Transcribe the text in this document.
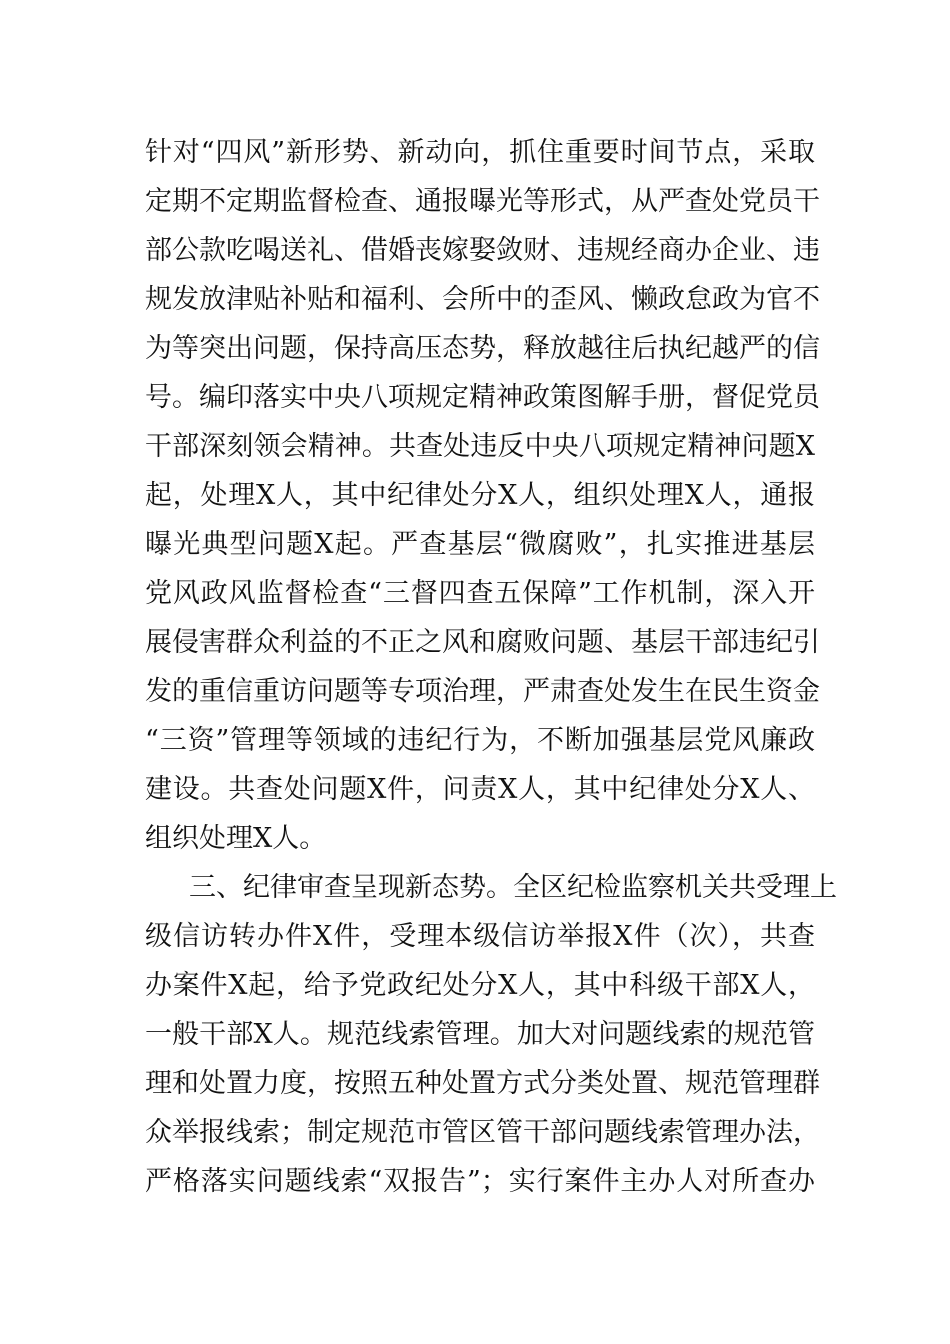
针对“四风”新形势、新动向，抓住重要时间节点，采取
定期不定期监督检查、通报曝光等形式，从严查处党员干
部公款吃喝送礼、借婚丧嫁娶敛财、违规经商办企业、违
规发放津贴补贴和福利、会所中的歪风、懒政怠政为官不
为等突出问题，保持高压态势，释放越往后执纪越严的信
号。编印落实中央八项规定精神政策图解手册，督促党员
干部深刻领会精神。共查处违反中央八项规定精神问题X
起，处理X人，其中纪律处分X人，组织处理X人，通报
曝光典型问题X起。严查基层“微腐败”，扎实推进基层
党风政风监督检查“三督四查五保障”工作机制，深入开
展侵害群众利益的不正之风和腐败问题、基层干部违纪引
发的重信重访问题等专项治理，严肃查处发生在民生资金
“三资”管理等领域的违纪行为，不断加强基层党风廉政
建设。共查处问题X件，问责X人，其中纪律处分X人、
组织处理X人。
三、纪律审查呈现新态势。全区纪检监察机关共受理上
级信访转办件X件，受理本级信访举报X件（次），共查
办案件X起，给予党政纪处分X人，其中科级干部X人，
一般干部X人。规范线索管理。加大对问题线索的规范管
理和处置力度，按照五种处置方式分类处置、规范管理群
众举报线索；制定规范市管区管干部问题线索管理办法，
严格落实问题线索“双报告”；实行案件主办人对所查办
